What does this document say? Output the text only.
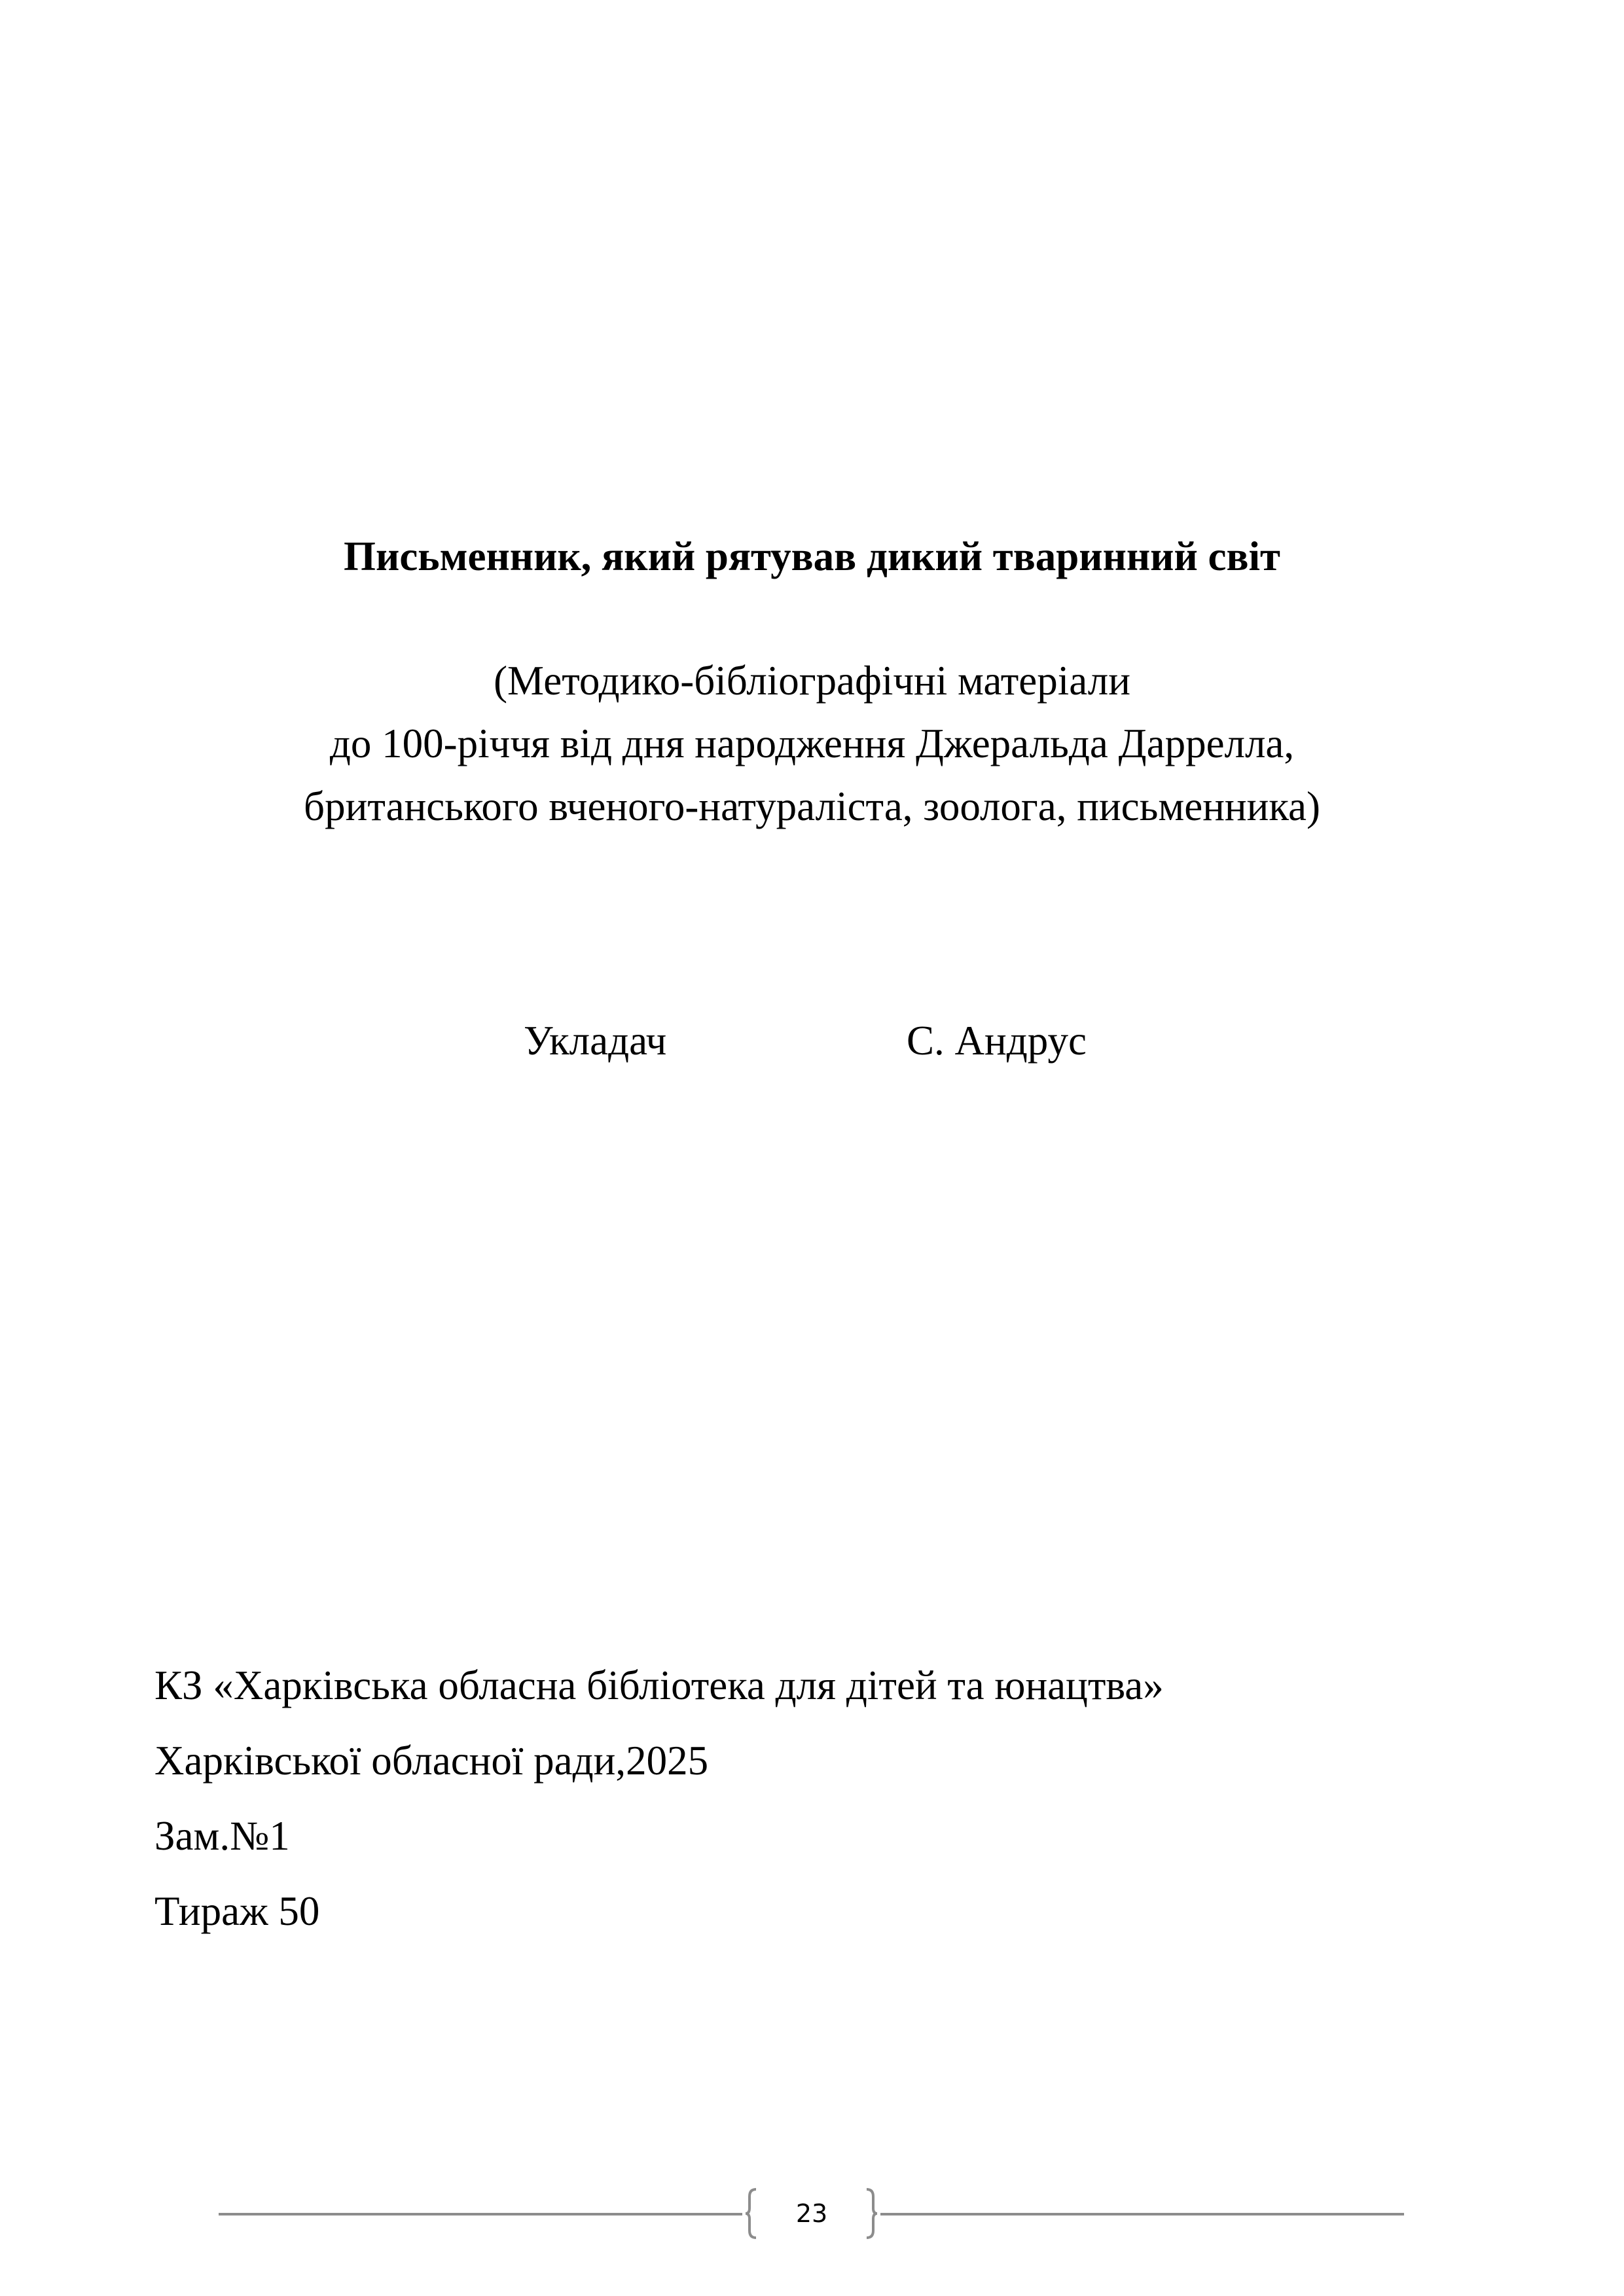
Письменник, який рятував дикий тваринний світ
(Методико-бібліографічні матеріали
до 100-річчя від дня народження Джеральда Даррелла,
британського вченого-натураліста, зоолога, письменника)
Укладач	С. Андрус
КЗ «Харківська обласна бібліотека для дітей та юнацтва»
Харківської обласної ради,2025
Зам.№1
Тираж 50
23
